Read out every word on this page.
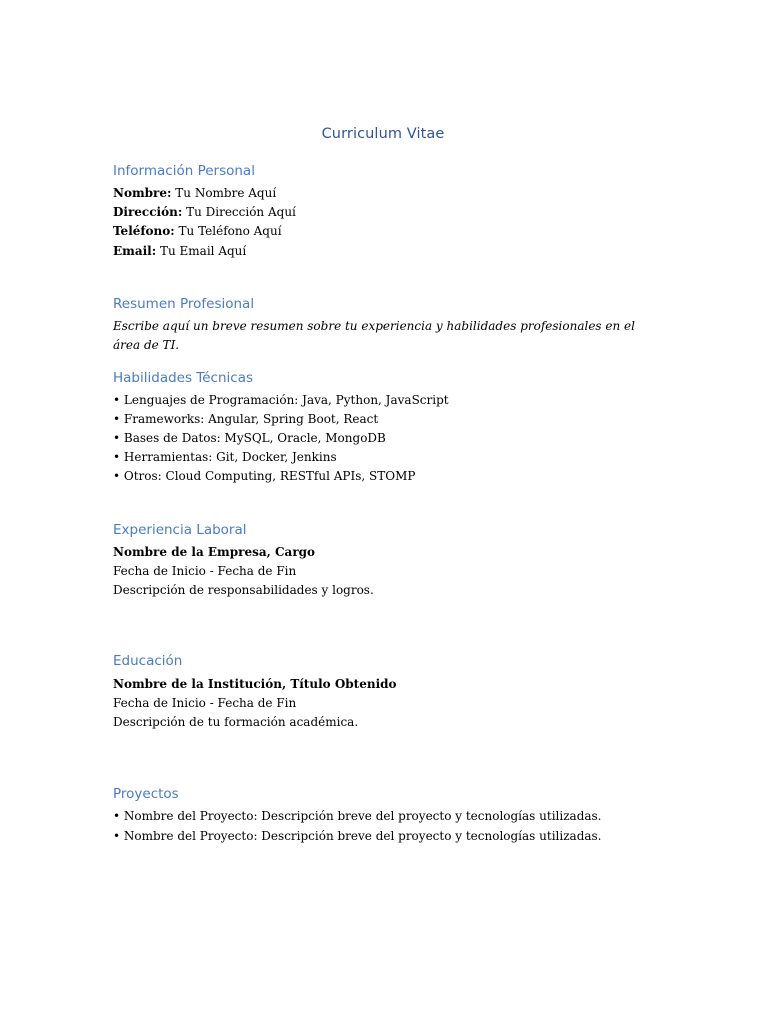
Curriculum Vitae
Información Personal
Nombre: Tu Nombre Aquí
Dirección: Tu Dirección Aquí
Teléfono: Tu Teléfono Aquí
Email: Tu Email Aquí
Resumen Profesional
Escribe aquí un breve resumen sobre tu experiencia y habilidades profesionales en el área de TI.
Habilidades Técnicas
• Lenguajes de Programación: Java, Python, JavaScript
• Frameworks: Angular, Spring Boot, React
• Bases de Datos: MySQL, Oracle, MongoDB
• Herramientas: Git, Docker, Jenkins
• Otros: Cloud Computing, RESTful APIs, STOMP
Experiencia Laboral
Nombre de la Empresa, Cargo
Fecha de Inicio - Fecha de Fin
Descripción de responsabilidades y logros.
Educación
Nombre de la Institución, Título Obtenido
Fecha de Inicio - Fecha de Fin
Descripción de tu formación académica.
Proyectos
• Nombre del Proyecto: Descripción breve del proyecto y tecnologías utilizadas.
• Nombre del Proyecto: Descripción breve del proyecto y tecnologías utilizadas.
